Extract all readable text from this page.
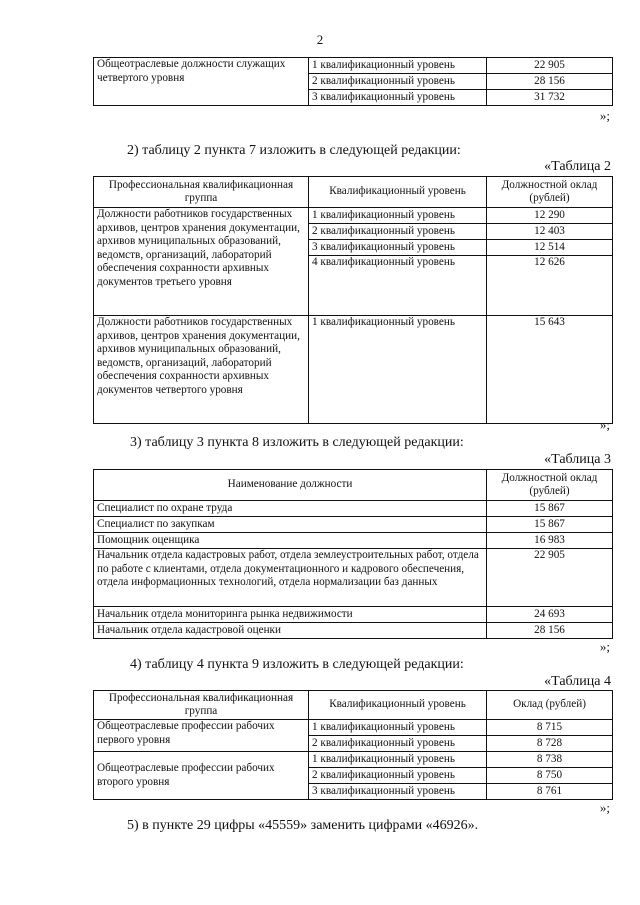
2
Общеотраслевые должности служащих четвертого уровня	1 квалификационный уровень	22 905
	2 квалификационный уровень	28 156
	3 квалификационный уровень	31 732
»;
2) таблицу 2 пункта 7 изложить в следующей редакции:
«Таблица 2
Профессиональная квалификационная группа	Квалификационный уровень	Должностной оклад (рублей)
Должности работников государственных архивов, центров хранения документации, архивов муниципальных образований, ведомств, организаций, лабораторий обеспечения сохранности архивных документов третьего уровня	1 квалификационный уровень	12 290
	2 квалификационный уровень	12 403
	3 квалификационный уровень	12 514
	4 квалификационный уровень	12 626
Должности работников государственных архивов, центров хранения документации, архивов муниципальных образований, ведомств, организаций, лабораторий обеспечения сохранности архивных документов четвертого уровня	1 квалификационный уровень	15 643
»;
3) таблицу 3 пункта 8 изложить в следующей редакции:
«Таблица 3
Наименование должности	Должностной оклад (рублей)
Специалист по охране труда	15 867
Специалист по закупкам	15 867
Помощник оценщика	16 983
Начальник отдела кадастровых работ, отдела землеустроительных работ, отдела по работе с клиентами, отдела документационного и кадрового обеспечения, отдела информационных технологий, отдела нормализации баз данных	22 905
Начальник отдела мониторинга рынка недвижимости	24 693
Начальник отдела кадастровой оценки	28 156
»;
4) таблицу 4 пункта 9 изложить в следующей редакции:
«Таблица 4
Профессиональная квалификационная группа	Квалификационный уровень	Оклад (рублей)
Общеотраслевые профессии рабочих первого уровня	1 квалификационный уровень	8 715
	2 квалификационный уровень	8 728
Общеотраслевые профессии рабочих второго уровня	1 квалификационный уровень	8 738
	2 квалификационный уровень	8 750
	3 квалификационный уровень	8 761
»;
5) в пункте 29 цифры «45559» заменить цифрами «46926».
